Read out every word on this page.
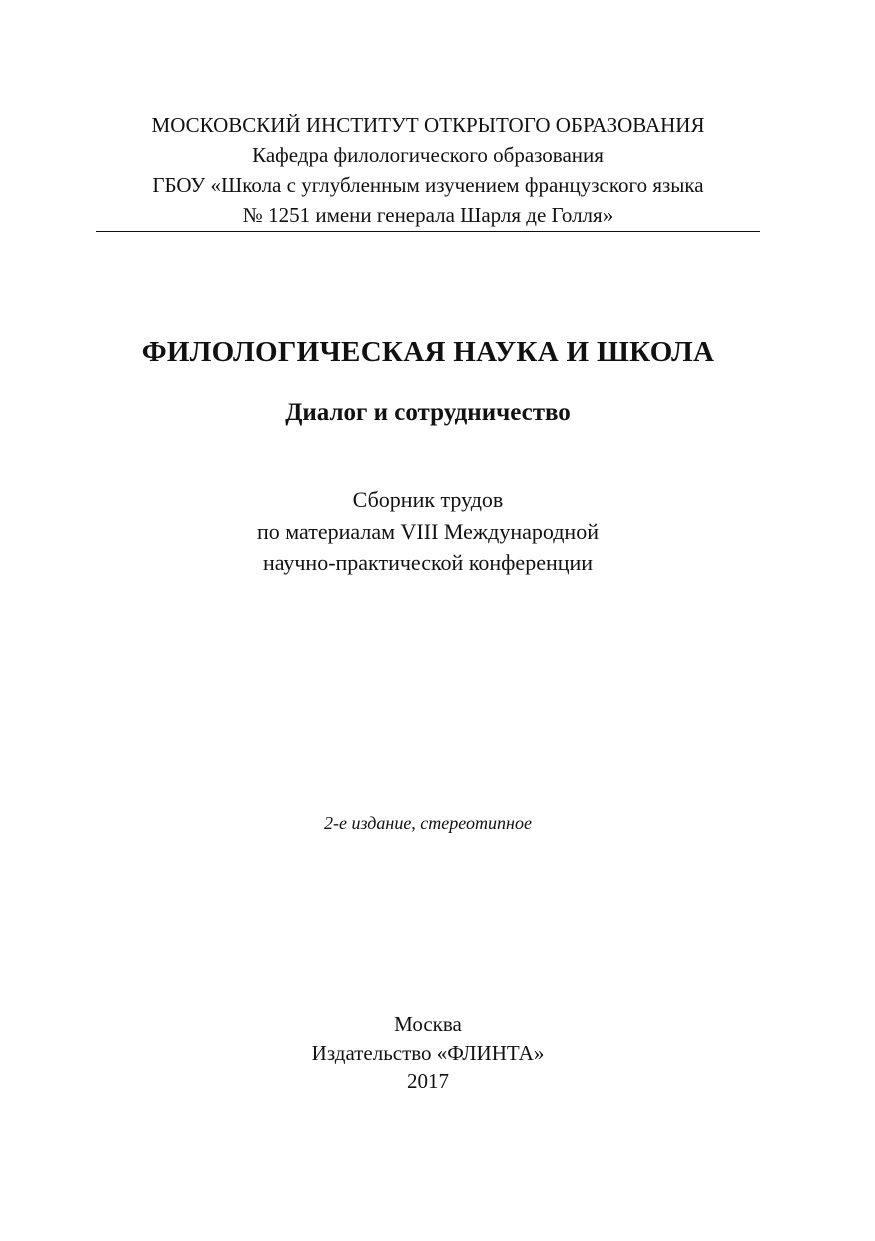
МОСКОВСКИЙ ИНСТИТУТ ОТКРЫТОГО ОБРАЗОВАНИЯ
Кафедра филологического образования
ГБОУ «Школа с углубленным изучением французского языка
№ 1251 имени генерала Шарля де Голля»
ФИЛОЛОГИЧЕСКАЯ НАУКА И ШКОЛА
Диалог и сотрудничество
Сборник трудов
по материалам VIII Международной
научно-практической конференции
2-е издание, стереотипное
Москва
Издательство «ФЛИНТА»
2017
